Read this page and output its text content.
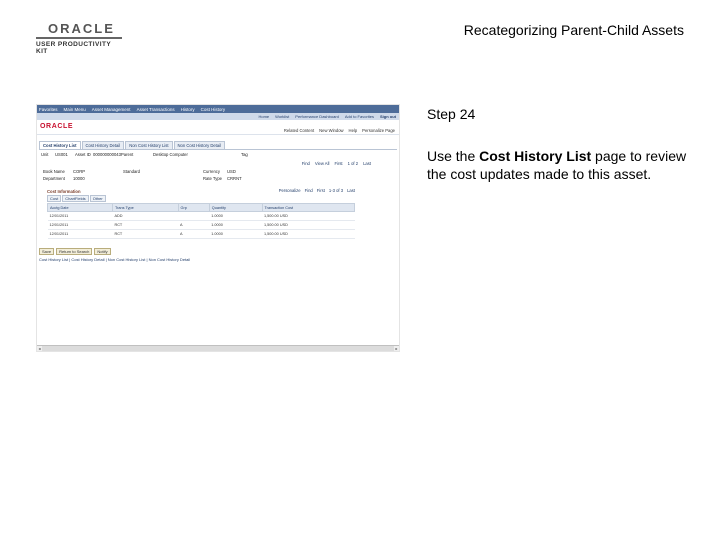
ORACLE
USER PRODUCTIVITY KIT
Recategorizing Parent-Child Assets
Favorites Main Menu Asset Management Asset Transactions History Cost History
Home Worklist Performance Dashboard Add to Favorites Sign out
ORACLE
Related Content New Window Help Personalize Page
Cost History List	Cost History Detail	Non Cost History List	Non Cost History Detail
Unit US001 Asset ID 000000000043 Parent	Desktop Computer	Tag
Find View All First 1 of 2 Last
Book Name CORP	Standard	Currency USD
Department 10000	Rate Type CRRNT
Cost Information	Personalize Find First 1-3 of 3 Last
Cost	ChartFields	Other
Acctg Date	Trans Type	Grp	Quantity	Transaction Cost
12/01/2011	ADD		1.0000	1,500.00 USD
12/01/2011	RCT	A	1.0000	1,500.00 USD
12/01/2011	RCT	A	1.0000	1,500.00 USD
Save	Return to Search	Notify
Cost History List | Cost History Detail | Non Cost History List | Non Cost History Detail
◂	▸
Step 24
Use the Cost History List page to review the cost updates made to this asset.
